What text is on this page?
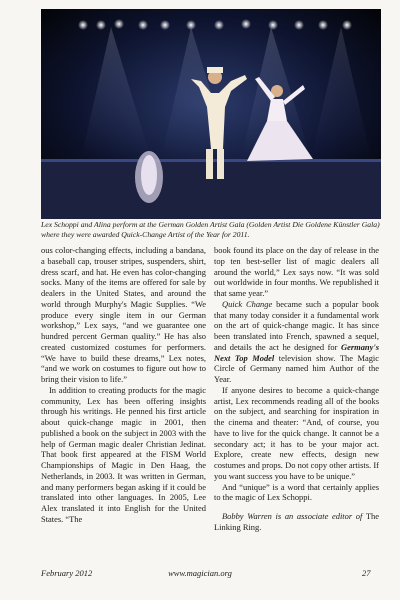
Lex Schoppi and Alina perform at the German Golden Artist Gala (Golden Artist Die Goldene Künstler Gala) where they were awarded Quick-Change Artist of the Year for 2011.

ous color-changing effects, including a bandana, a baseball cap, trouser stripes, suspenders, shirt, dress scarf, and hat. He even has color-changing socks. Many of the items are offered for sale by dealers in the United States, and around the world through Murphy's Magic Supplies. “We produce every single item in our German workshop,” Lex says, “and we guarantee one hundred percent German quality.” He has also created customized costumes for performers. “We have to build these dreams,” Lex notes, “and we work on costumes to figure out how to bring their vision to life.”

In addition to creating products for the magic community, Lex has been offering insights through his writings. He penned his first article about quick-change magic in 2001, then published a book on the subject in 2003 with the help of German magic dealer Christian Jedinat. That book first appeared at the FISM World Championships of Magic in Den Haag, the Netherlands, in 2003. It was written in German, and many performers began asking if it could be translated into other languages. In 2005, Lee Alex translated it into English for the United States. “The

book found its place on the day of release in the top ten best-seller list of magic dealers all around the world,” Lex says now. “It was sold out worldwide in four months. We republished it that same year.”

Quick Change became such a popular book that many today consider it a fundamental work on the art of quick-change magic. It has since been translated into French, spawned a sequel, and details the act he designed for Germany's Next Top Model television show. The Magic Circle of Germany named him Author of the Year.

If anyone desires to become a quick-change artist, Lex recommends reading all of the books on the subject, and searching for inspiration in the cinema and theater: “And, of course, you have to live for the quick change. It cannot be a secondary act; it has to be your major act. Explore, create new effects, design new costumes and props. Do not copy other artists. If you want success you have to be unique.”

And “unique” is a word that certainly applies to the magic of Lex Schoppi.

Bobby Warren is an associate editor of The Linking Ring.

February 2012	www.magician.org	27
